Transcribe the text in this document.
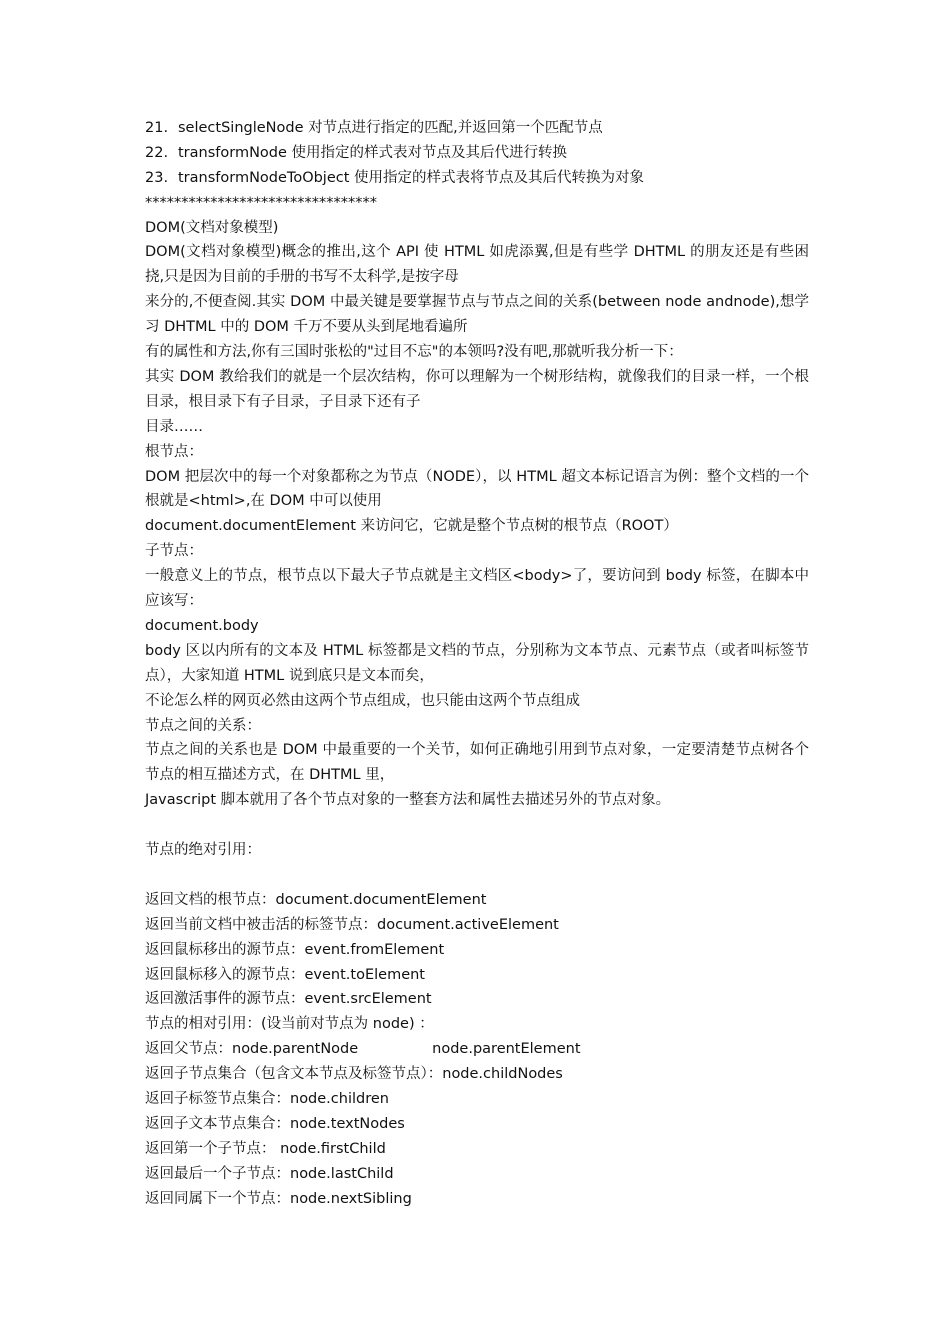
21. selectSingleNode 对节点进行指定的匹配,并返回第一个匹配节点
22. transformNode 使用指定的样式表对节点及其后代进行转换
23. transformNodeToObject 使用指定的样式表将节点及其后代转换为对象
********************************
DOM(文档对象模型)
DOM(文档对象模型)概念的推出,这个 API 使 HTML 如虎添翼,但是有些学 DHTML 的朋友还是有些困挠,只是因为目前的手册的书写不太科学,是按字母
来分的,不便查阅.其实 DOM 中最关键是要掌握节点与节点之间的关系(between node andnode),想学习 DHTML 中的 DOM 千万不要从头到尾地看遍所
有的属性和方法,你有三国时张松的"过目不忘"的本领吗?没有吧,那就听我分析一下：
其实 DOM 教给我们的就是一个层次结构，你可以理解为一个树形结构，就像我们的目录一样，一个根目录，根目录下有子目录，子目录下还有子
目录……
根节点：
DOM 把层次中的每一个对象都称之为节点（NODE），以 HTML 超文本标记语言为例：整个文档的一个根就是<html>,在 DOM 中可以使用
document.documentElement 来访问它，它就是整个节点树的根节点（ROOT）
子节点：
一般意义上的节点，根节点以下最大子节点就是主文档区<body>了，要访问到 body 标签，在脚本中应该写：
document.body
body 区以内所有的文本及 HTML 标签都是文档的节点，分别称为文本节点、元素节点（或者叫标签节点），大家知道 HTML 说到底只是文本而矣，
不论怎么样的网页必然由这两个节点组成，也只能由这两个节点组成
节点之间的关系：
节点之间的关系也是 DOM 中最重要的一个关节，如何正确地引用到节点对象，一定要清楚节点树各个节点的相互描述方式，在 DHTML 里，
Javascript 脚本就用了各个节点对象的一整套方法和属性去描述另外的节点对象。
节点的绝对引用：
返回文档的根节点：document.documentElement
返回当前文档中被击活的标签节点：document.activeElement
返回鼠标移出的源节点：event.fromElement
返回鼠标移入的源节点：event.toElement
返回激活事件的源节点：event.srcElement
节点的相对引用：(设当前对节点为 node) ：
返回父节点：node.parentNode	node.parentElement
返回子节点集合（包含文本节点及标签节点）：node.childNodes
返回子标签节点集合：node.children
返回子文本节点集合：node.textNodes
返回第一个子节点： node.firstChild
返回最后一个子节点：node.lastChild
返回同属下一个节点：node.nextSibling
